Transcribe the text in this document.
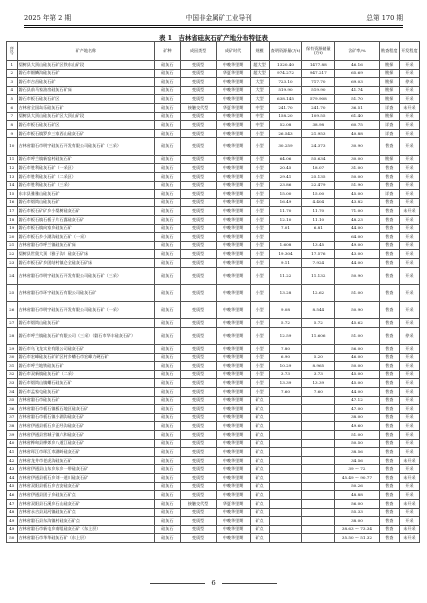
2025 年第 2 期	中国非金属矿工业导刊	总第 170 期
表 1　吉林省硅灰石矿产地分布特征表
序号	矿产地名称	矿种	成因类型	成矿时代	规模	查明资源量(万t)	保有资源储量(万t)	含矿率/%	勘查程度	开发程度
1	梨树县大顶山硅灰石矿区铁东山矿段	硅灰石	变质型	中晚华里期	超大型	1320.40	1477.88	46.16	勘探	开采
2	磐石市细鳞沟硅灰石矿	硅灰石	变质型	华夏华里期	超大型	974.272	947.217	65.69	勘探	开采
3	磐石市吉昌硅灰石矿	硅灰石	变质型	中晚华里期	大型	723.10	717.70	69.03	勘探	停采
4	磐石县前马家油房硅灰石矿床	硅灰石	变质型	中晚华里期	大型	519.90	519.90	41.74	勘探	开采
5	磐石市板石硅灰石矿区	硅灰石	变质型	中晚华里期	大型	638.145	579.908	51.70	勘探	开采
6	吉林省全国岛乐硅灰石矿	硅灰石	接触交代型	华夏华里期	中型	241.70	241.70	36.51	详查	未开采
7	梨树县大顶山硅灰石矿区大顶山矿段	硅灰石	变质型	中晚华里期	中型	158.20	109.55	61.40	勘探	开采
8	磐石市板石硅灰石矿区	硅灰石	变质型	中晚华里期	中型	52.08	38.98	60.75	详查	开采
9	磐石市板石镇罗乡三家西山硅灰石矿	硅灰石	变质型	中晚华里期	小型	26.543	21.953	40.88	详查	开采
10	吉林省磐石市明宇硅灰石开发有限公司硅灰石矿（三采）	硅灰石	变质型	中晚华里期	小型	30.259	24.373	30.90	普查	开采
11	磐石市呼兰镇新窑村硅灰石矿	硅灰石	变质型	中晚华里期	小型	64.06	55.634	30.00	勘探	开采
12	磐石市胜利硅灰石矿（一采区）	硅灰石	变质型	中晚华里期	小型	20.45	18.07	31.00	普查	开采
13	磐石市胜利硅灰石矿（二采区）	硅灰石	变质型	中晚华里期	小型	29.41	25.135	50.00	普查	开采
14	磐石市胜利硅灰石矿（三采）	硅灰石	变质型	中晚华里期	小型	23.86	22.479	51.90	普查	开采
15	东丰县雅雅山硅灰石矿	硅灰石	变质型	中晚华里期	小型	15.00	15.00	45.00	详查	开采
16	磐石市烟筒山硅灰石矿	硅灰石	变质型	中晚华里期	小型	16.49	4.404	43.82	普查	开采
17	磐石市板石矿矿乡小梨树硅灰石矿	硅灰石	变质型	中晚华里期	小型	11.70	11.70	71.00	普查	未开采
18	磐石市板石镇石板子片石露硅灰石矿	硅灰石	变质型	中晚华里期	小型	12.10	11.10	48.23	普查	开采
19	磐石市板石镇向家乡硅灰石矿	硅灰石	变质型	中晚华里期	小型	7.01	6.81	44.00	普查	开采
20	磐石市板石乡小湖沟硅灰石矿（一采）	硅灰石	变质型	中晚华里期	小型			64.00	普查	开采
21	吉林省磐石市呼兰镇硅灰石矿床	硅灰石	变质型	中晚华里期	小型	1.608	13.45	49.00	普查	开采
22	梨树县世奥大顶（雅子沟）硅灰石矿床	硅灰石	变质型	中晚华里期	小型	19.304	17.576	43.00	普查	开采
23	磐石市板石矿乡团结村镇仑全硅灰石矿床	硅灰石	变质型	中晚华里期	小型	9.11	7.924	44.00	普查	开采
24	吉林省磐石市明宇硅灰石开发有限公司硅灰石矿（三采）	硅灰石	变质型	中晚华里期	小型	11.22	11.132	50.90	普查	开采
25	吉林省磐石市环宇硅灰石有限公司硅灰石矿	硅灰石	变质型	中晚华里期	小型	13.28	12.62	51.00	普查	开采
26	吉林省磐石市明宇硅灰石开发有限公司硅灰石矿（一采）	硅灰石	变质型	中晚华里期	小型	9.08	8.544	50.90	普查	开采
27	磐石市烟筒山硅灰石矿	硅灰石	变质型	中晚华里期	小型	5.72	5.72	45.62	普查	开采
28	磐石市呼兰镇硅灰石矿有限公司（三采）（磐石市华丰硅灰石矿）	硅灰石	变质型	中晚华里期	小型	12.59	11.606	51.00	普查	停采
29	磐石市乌飞龙实业有限公司硅灰石矿	硅灰石	变质型	中晚华里期	小型	7.80		56.00	普查	开采
30	磐石市宏峰硅灰石矿矿区村乡蟠石市宏峰力硬石矿	硅灰石	变质型	中晚华里期	小型	6.90	5.20	46.00	普查	开采
31	磐石市呼兰地铁硅灰石矿	硅灰石	变质型	中晚华里期	小型	10.29	8.965	50.00	普查	开采
32	磐石市双新镇硅灰石矿（二采）	硅灰石	变质型	中晚华里期	小型	3.73	3.73	45.00	普查	开采
33	磐石市烟筒山镇蟠石硅灰石矿	硅灰石	变质型	中晚华里期	小型	13.39	13.39	45.00	普查	开采
34	磐石市孟家屯硅灰石矿	硅灰石	变质型	中晚华里期	小型	7.60	7.60	44.00	普查	开采
35	吉林省磐石市硅灰石矿	硅灰石	变质型	中晚华里期	矿点			47.12	普查	开采
36	吉林省磐石市板石镇板石地区硅灰石矿	硅灰石	变质型	中晚华里期	矿点			47.00	普查	开采
37	吉林省磐石市板石镇小湖沟硅灰石矿	硅灰石	变质型	中晚华里期	矿点			38.00	普查	开采
38	吉林省伊通县板石乡正经沟硅灰石矿	硅灰石	变质型	中晚华里期	矿点			49.60	普查	开采
39	吉林省伊通县营城子镇六和硅灰石矿	硅灰石	变质型	中晚华里期	矿点			51.00	普查	开采
40	吉林省桦甸县桦郊乡八道江硅灰石矿	硅灰石	变质型	中晚华里期	矿点			50.50	普查	开采
41	吉林省珲江市珲江市湖岭硅灰石矿	硅灰石	变质型	中晚华里期	矿点			38.56	普查	开采
42	吉林省龙井市老虎沟硅灰石矿	硅灰石	变质型	中晚华里期	矿点			34.56	普查	未开采
43	吉林省伊通县山东乡东乡一带硅灰石矿	硅灰石	变质型	中晚华里期	矿点			39 ～ 72	普查	开采
44	吉林省伊通县板石乡刘一道川硅灰石矿	硅灰石	变质型	中晚华里期	矿点			45.49 ～ 90.77	普查	未开采
45	吉林省双阳县板石乡吉安硅灰石矿	硅灰石	变质型	中晚华里期	矿点			50.26	普查	开采
46	吉林省伊通县团子乡硅灰石矿点	硅灰石	变质型	中晚华里期	矿点			48.88	普查	开采
47	吉林省双阳县石溪乡石山硅灰石矿	硅灰石	接触交代型	华夏华里期	矿点			56.00	普查	未开采
48	吉林省永吉县双河镇硅灰石矿点	硅灰石	变质型	中晚华里期	矿点			55.33	普查	开采
49	吉林省磐石县东沟镇村硅灰石矿点	硅灰石	变质型	中晚华里期	矿点			38.00	普查	开采
49	吉林省磐石市新屯乡南咀硅灰石矿（东上层）	硅灰石	变质型	中晚华里期	矿点			38.63 ～ 73.34	普查	未开采
50	吉林省磐石市华华硅灰石矿（东上层）	硅灰石	变质型	中晚华里期	矿点			35.50 ～ 51.32	普查	未开采
6
